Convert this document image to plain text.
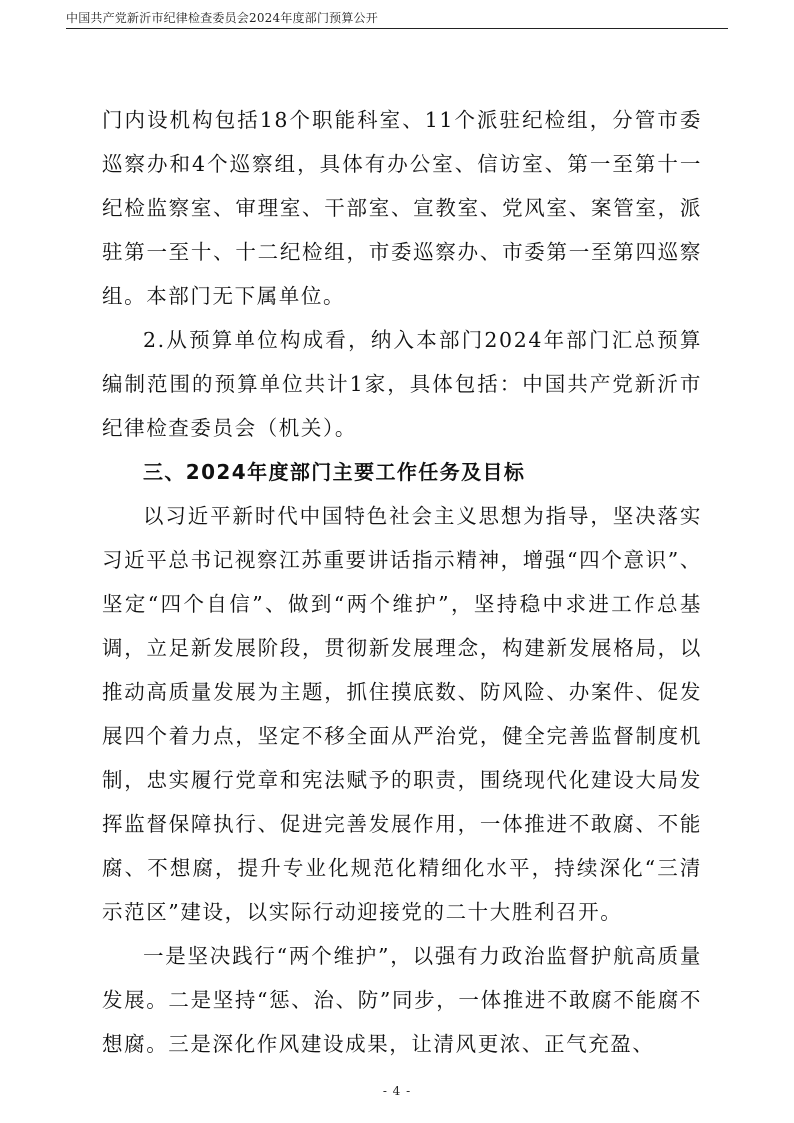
中国共产党新沂市纪律检查委员会2024年度部门预算公开

门内设机构包括18个职能科室、11个派驻纪检组，分管市委巡察办和4个巡察组，具体有办公室、信访室、第一至第十一纪检监察室、审理室、干部室、宣教室、党风室、案管室，派驻第一至十、十二纪检组，市委巡察办、市委第一至第四巡察组。本部门无下属单位。

2.从预算单位构成看，纳入本部门2024年部门汇总预算编制范围的预算单位共计1家，具体包括：中国共产党新沂市纪律检查委员会（机关）。

三、2024年度部门主要工作任务及目标

以习近平新时代中国特色社会主义思想为指导，坚决落实习近平总书记视察江苏重要讲话指示精神，增强“四个意识”、坚定“四个自信”、做到“两个维护”，坚持稳中求进工作总基调，立足新发展阶段，贯彻新发展理念，构建新发展格局，以推动高质量发展为主题，抓住摸底数、防风险、办案件、促发展四个着力点，坚定不移全面从严治党，健全完善监督制度机制，忠实履行党章和宪法赋予的职责，围绕现代化建设大局发挥监督保障执行、促进完善发展作用，一体推进不敢腐、不能腐、不想腐，提升专业化规范化精细化水平，持续深化“三清示范区”建设，以实际行动迎接党的二十大胜利召开。

一是坚决践行“两个维护”，以强有力政治监督护航高质量发展。二是坚持“惩、治、防”同步，一体推进不敢腐不能腐不想腐。三是深化作风建设成果，让清风更浓、正气充盈、

- 4 -
